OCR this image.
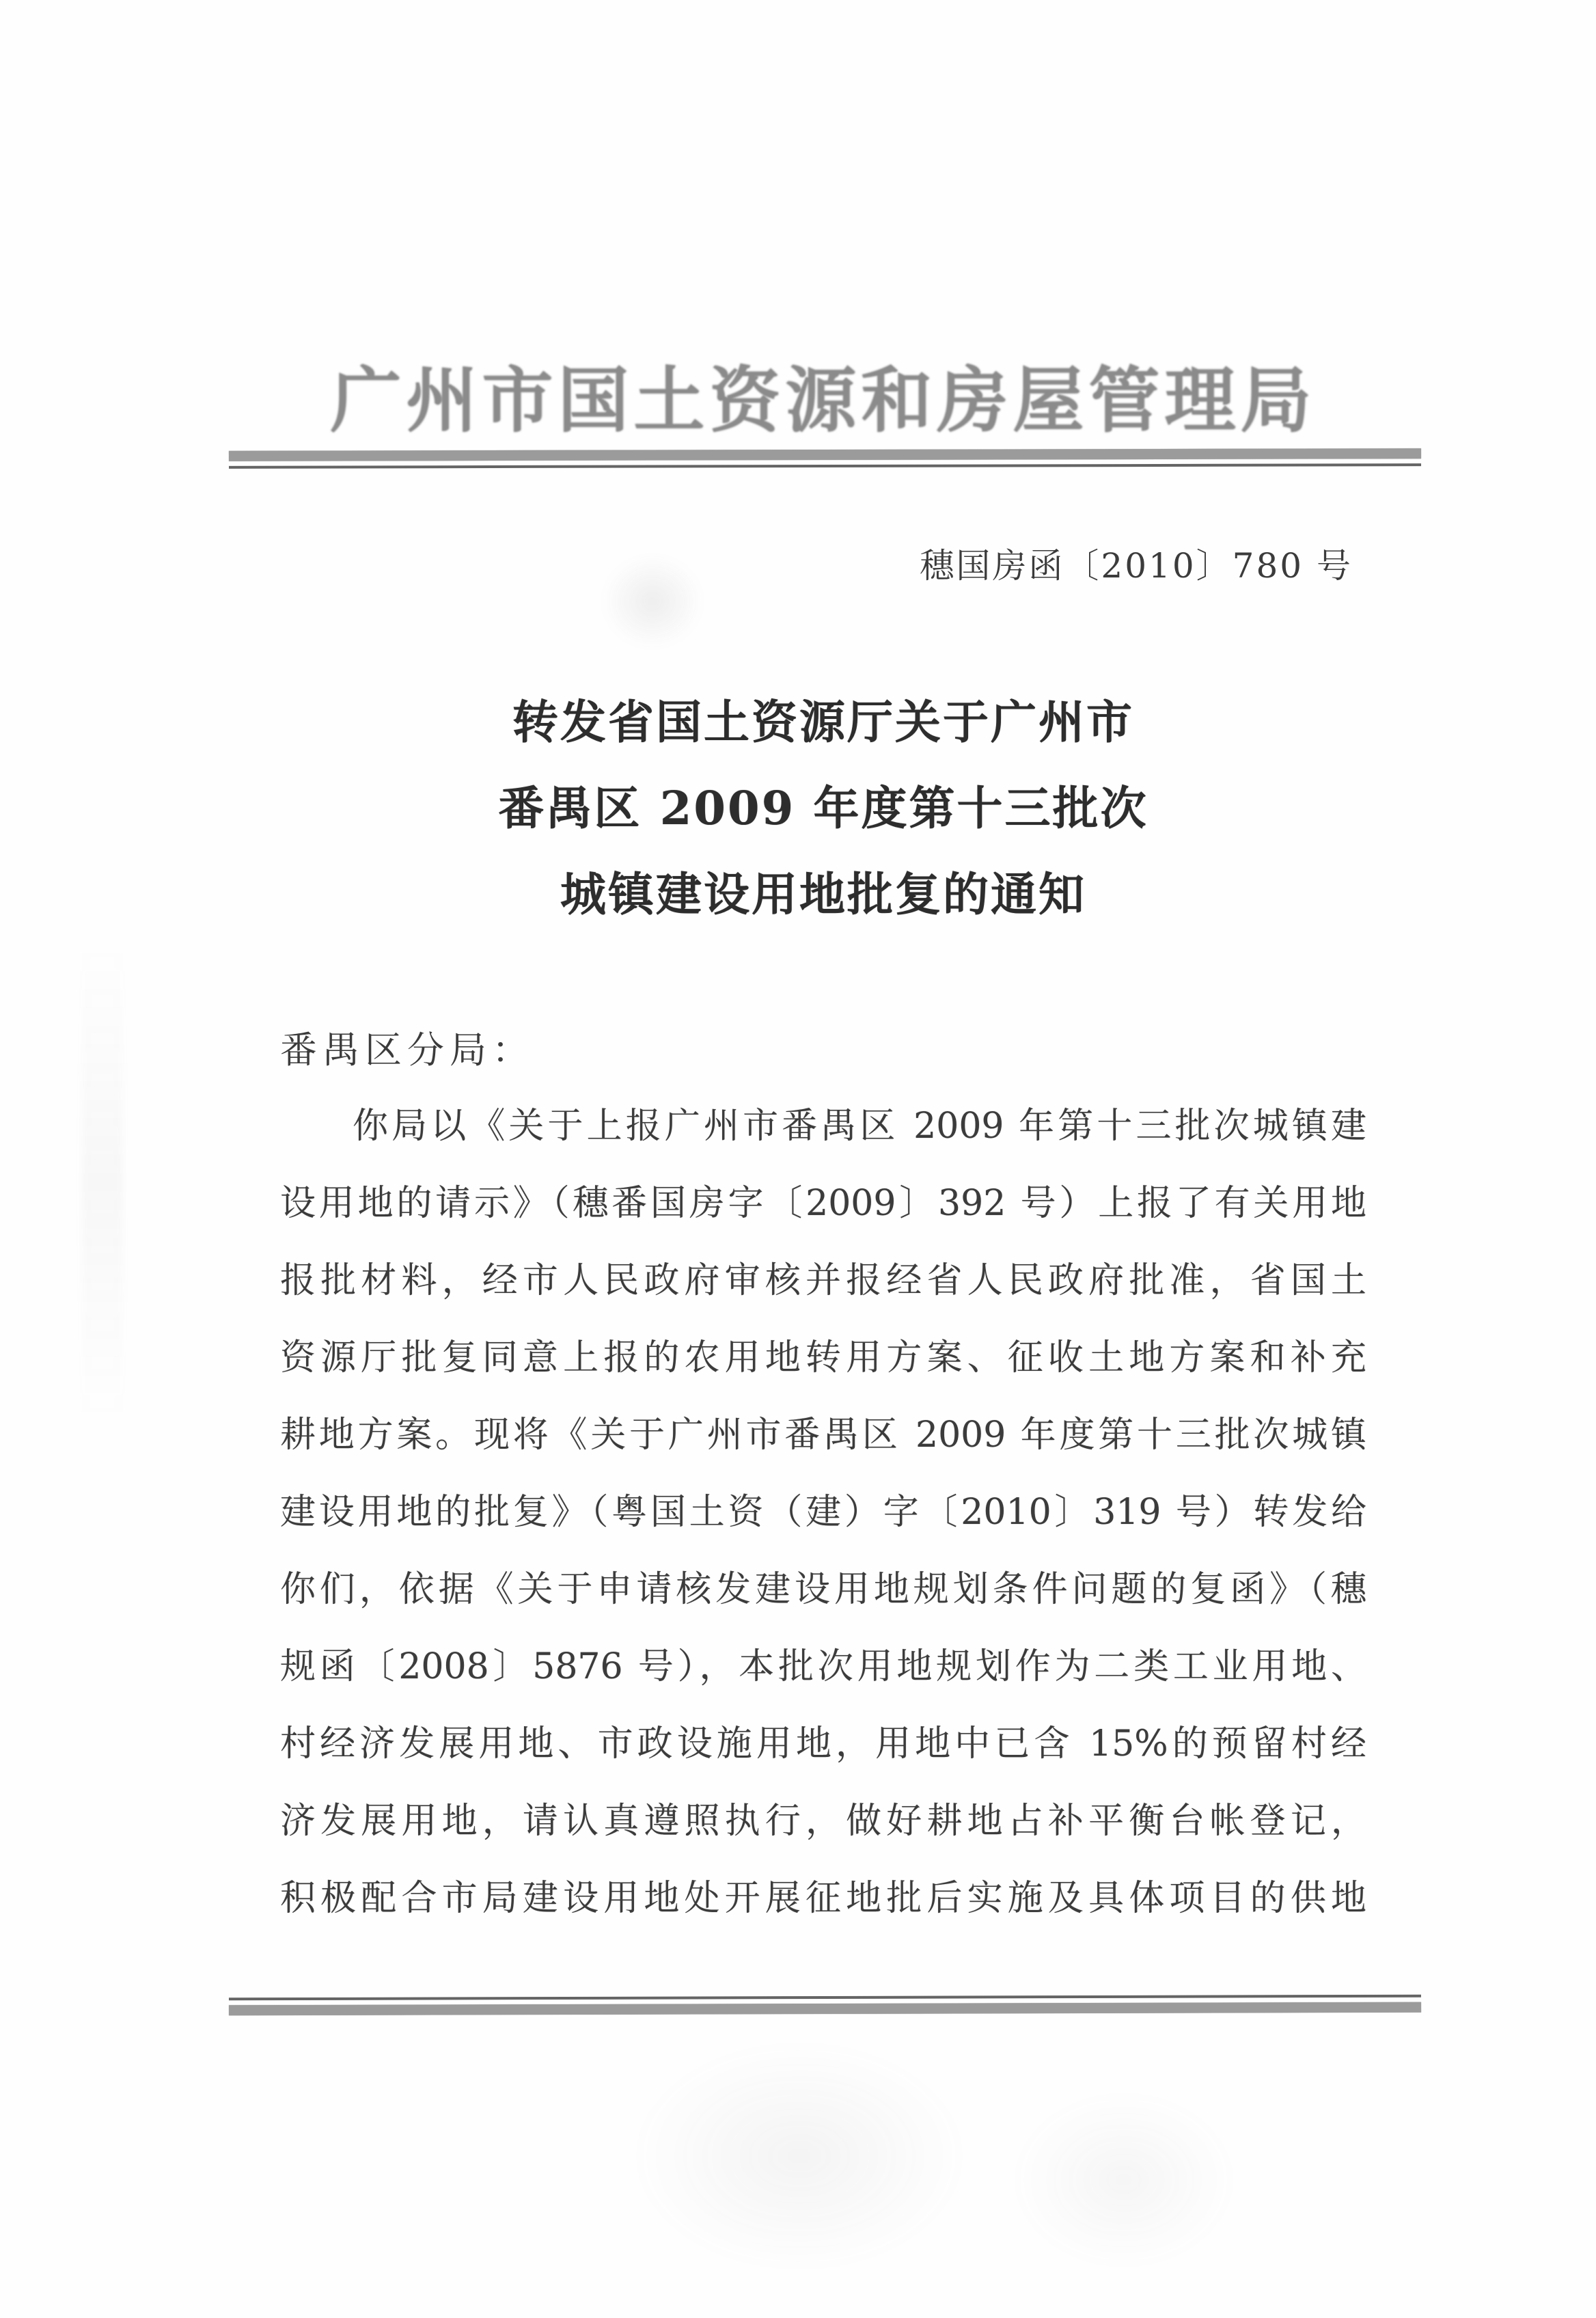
广州市国土资源和房屋管理局
穗国房函〔2010〕780 号
转发省国土资源厅关于广州市
番禺区 2009 年度第十三批次
城镇建设用地批复的通知
番禺区分局：
你局以《关于上报广州市番禺区 2009 年第十三批次城镇建
设用地的请示》（穗番国房字〔2009〕392 号）上报了有关用地
报批材料，经市人民政府审核并报经省人民政府批准，省国土
资源厅批复同意上报的农用地转用方案、征收土地方案和补充
耕地方案。现将《关于广州市番禺区 2009 年度第十三批次城镇
建设用地的批复》（粤国土资（建）字〔2010〕319 号）转发给
你们，依据《关于申请核发建设用地规划条件问题的复函》（穗
规函〔2008〕5876 号），本批次用地规划作为二类工业用地、
村经济发展用地、市政设施用地，用地中已含 15%的预留村经
济发展用地，请认真遵照执行，做好耕地占补平衡台帐登记，
积极配合市局建设用地处开展征地批后实施及具体项目的供地
